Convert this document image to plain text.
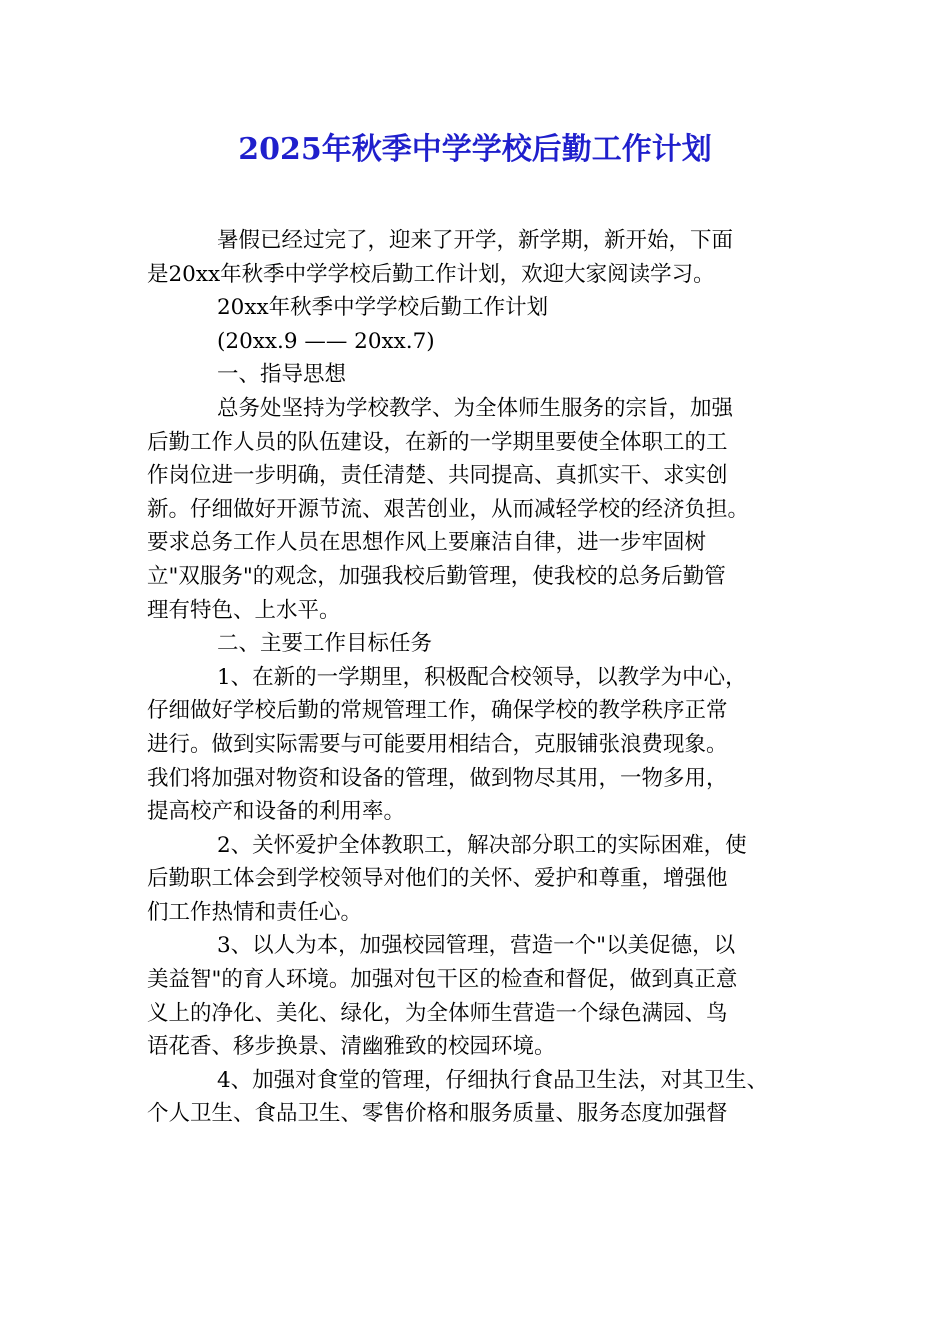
2025年秋季中学学校后勤工作计划
暑假已经过完了，迎来了开学，新学期，新开始，下面
是20xx年秋季中学学校后勤工作计划，欢迎大家阅读学习。
20xx年秋季中学学校后勤工作计划
(20xx.9 —— 20xx.7)
一、指导思想
总务处坚持为学校教学、为全体师生服务的宗旨，加强
后勤工作人员的队伍建设，在新的一学期里要使全体职工的工
作岗位进一步明确，责任清楚、共同提高、真抓实干、求实创
新。仔细做好开源节流、艰苦创业，从而减轻学校的经济负担。
要求总务工作人员在思想作风上要廉洁自律，进一步牢固树
立"双服务"的观念，加强我校后勤管理，使我校的总务后勤管
理有特色、上水平。
二、主要工作目标任务
1、在新的一学期里，积极配合校领导，以教学为中心，
仔细做好学校后勤的常规管理工作，确保学校的教学秩序正常
进行。做到实际需要与可能要用相结合，克服铺张浪费现象。
我们将加强对物资和设备的管理，做到物尽其用，一物多用，
提高校产和设备的利用率。
2、关怀爱护全体教职工，解决部分职工的实际困难，使
后勤职工体会到学校领导对他们的关怀、爱护和尊重，增强他
们工作热情和责任心。
3、以人为本，加强校园管理，营造一个"以美促德，以
美益智"的育人环境。加强对包干区的检查和督促，做到真正意
义上的净化、美化、绿化，为全体师生营造一个绿色满园、鸟
语花香、移步换景、清幽雅致的校园环境。
4、加强对食堂的管理，仔细执行食品卫生法，对其卫生、
个人卫生、食品卫生、零售价格和服务质量、服务态度加强督
